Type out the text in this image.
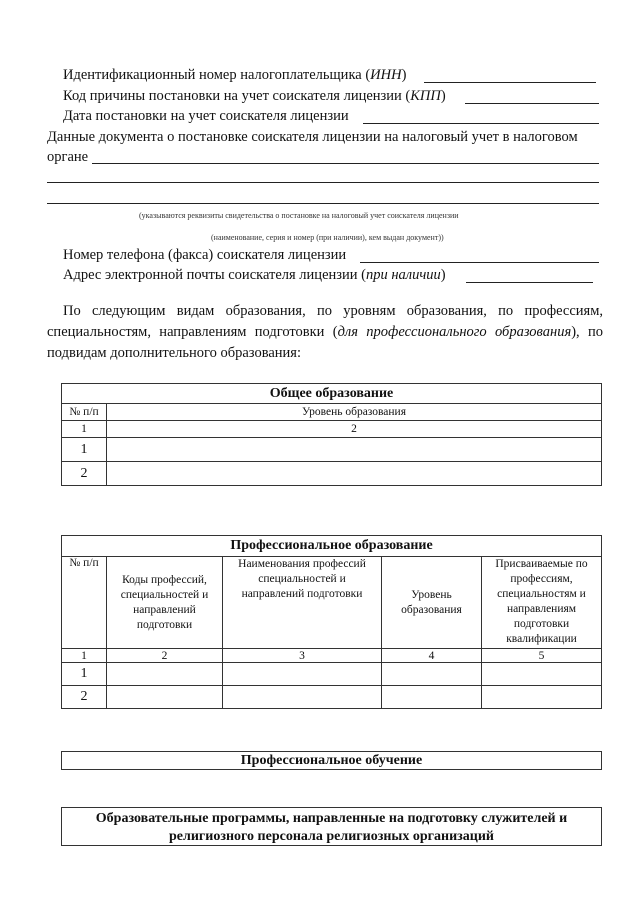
Идентификационный номер налогоплательщика (ИНН)
Код причины постановки на учет соискателя лицензии (КПП)
Дата постановки на учет соискателя лицензии
Данные документа о постановке соискателя лицензии на налоговый учет в налоговом
органе
(указываются реквизиты свидетельства о постановке на налоговый учет соискателя лицензии
(наименование, серия и номер (при наличии), кем выдан документ))
Номер телефона (факса) соискателя лицензии
Адрес электронной почты соискателя лицензии (при наличии)
По следующим видам образования, по уровням образования, по профессиям, специальностям, направлениям подготовки (для профессионального образования), по подвидам дополнительного образования:
Общее образование	
№ п/п	Уровень образования
1	2
1	
2	
Профессиональное образование				
№ п/п	Коды профессий, специальностей и направлений подготовки	Наименования профессий специальностей и направлений подготовки	Уровень образования	Присваиваемые по профессиям, специальностям и направлениям подготовки квалификации
1	2	3	4	5
1				
2				
Профессиональное обучение
Образовательные программы, направленные на подготовку служителей и религиозного персонала религиозных организаций
